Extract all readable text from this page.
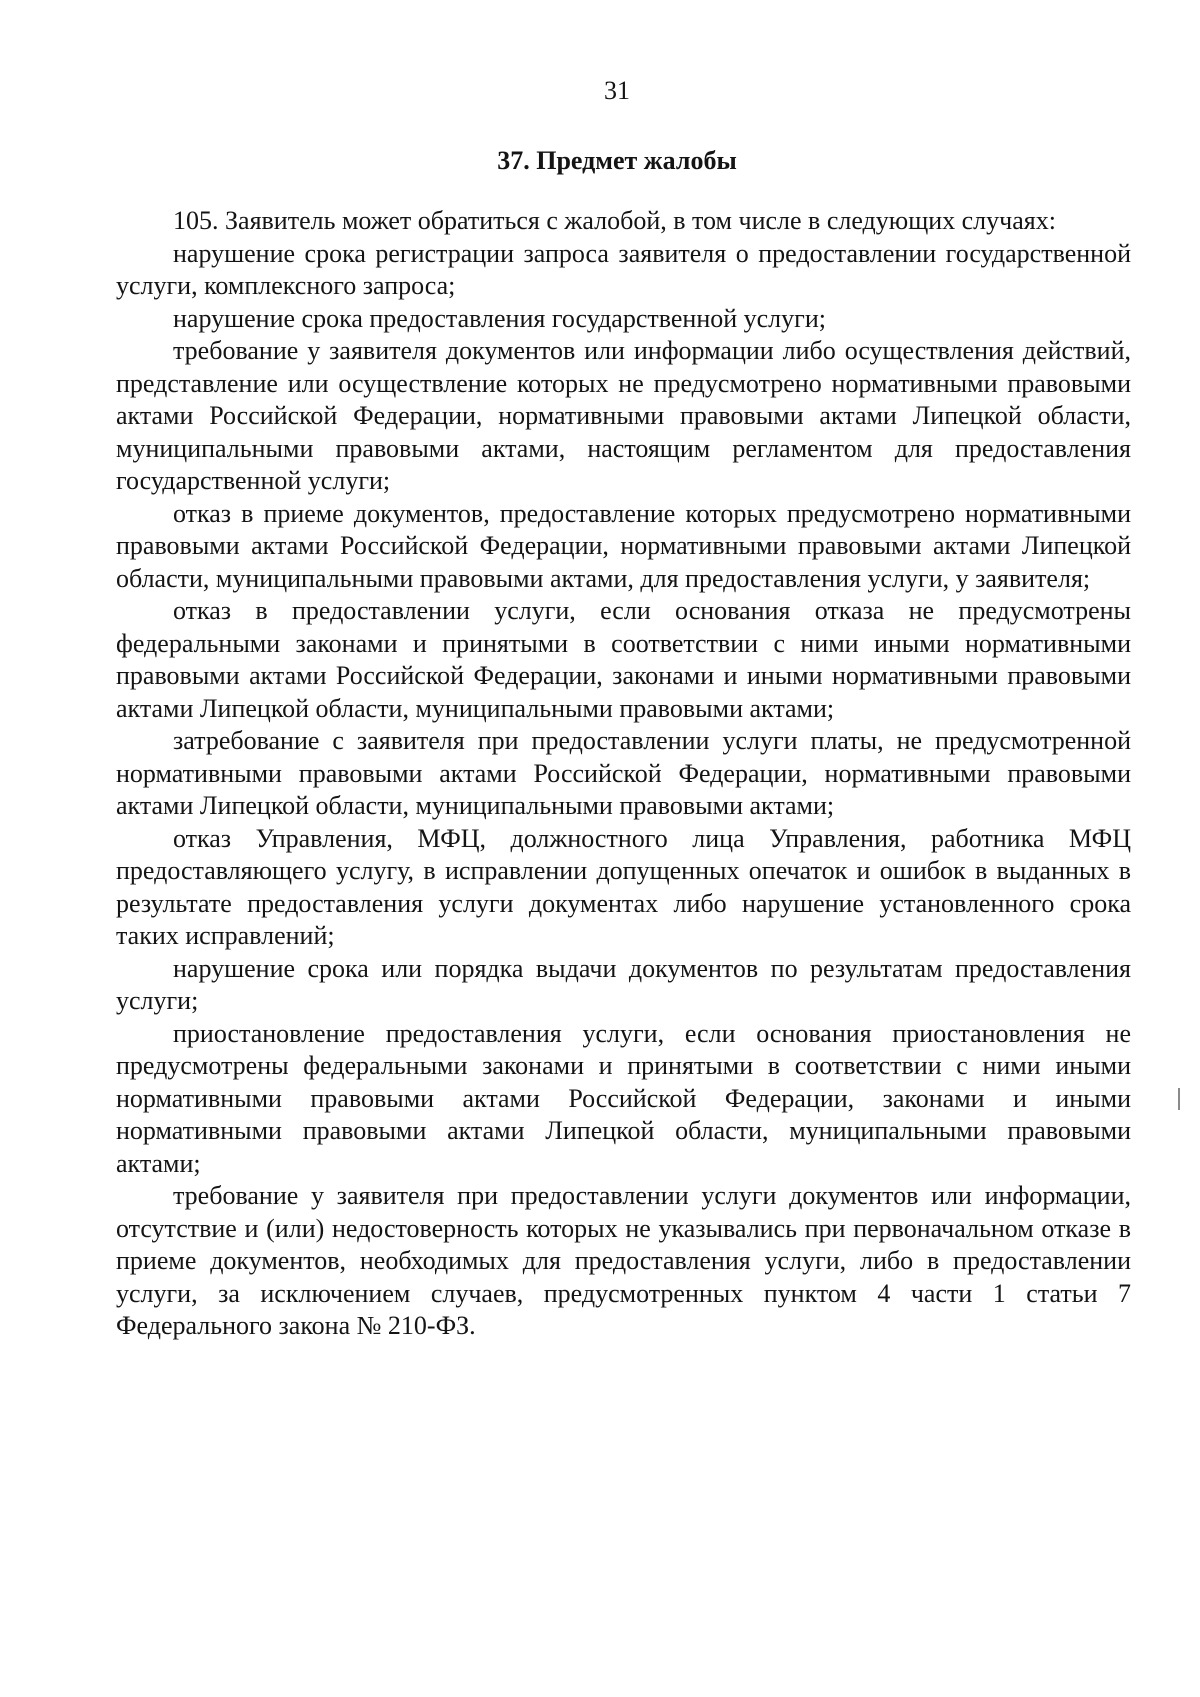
31
37. Предмет жалобы

105. Заявитель может обратиться с жалобой, в том числе в следующих случаях:

нарушение срока регистрации запроса заявителя о предоставлении государственной услуги, комплексного запроса;

нарушение срока предоставления государственной услуги;

требование у заявителя документов или информации либо осуществления действий, представление или осуществление которых не предусмотрено нормативными правовыми актами Российской Федерации, нормативными правовыми актами Липецкой области, муниципальными правовыми актами, настоящим регламентом для предоставления государственной услуги;

отказ в приеме документов, предоставление которых предусмотрено нормативными правовыми актами Российской Федерации, нормативными правовыми актами Липецкой области, муниципальными правовыми актами, для предоставления услуги, у заявителя;

отказ в предоставлении услуги, если основания отказа не предусмотрены федеральными законами и принятыми в соответствии с ними иными нормативными правовыми актами Российской Федерации, законами и иными нормативными правовыми актами Липецкой области, муниципальными правовыми актами;

затребование с заявителя при предоставлении услуги платы, не предусмотренной нормативными правовыми актами Российской Федерации, нормативными правовыми актами Липецкой области, муниципальными правовыми актами;

отказ Управления, МФЦ, должностного лица Управления, работника МФЦ предоставляющего услугу, в исправлении допущенных опечаток и ошибок в выданных в результате предоставления услуги документах либо нарушение установленного срока таких исправлений;

нарушение срока или порядка выдачи документов по результатам предоставления услуги;

приостановление предоставления услуги, если основания приостановления не предусмотрены федеральными законами и принятыми в соответствии с ними иными нормативными правовыми актами Российской Федерации, законами и иными нормативными правовыми актами Липецкой области, муниципальными правовыми актами;

требование у заявителя при предоставлении услуги документов или информации, отсутствие и (или) недостоверность которых не указывались при первоначальном отказе в приеме документов, необходимых для предоставления услуги, либо в предоставлении услуги, за исключением случаев, предусмотренных пунктом 4 части 1 статьи 7 Федерального закона № 210-ФЗ.
